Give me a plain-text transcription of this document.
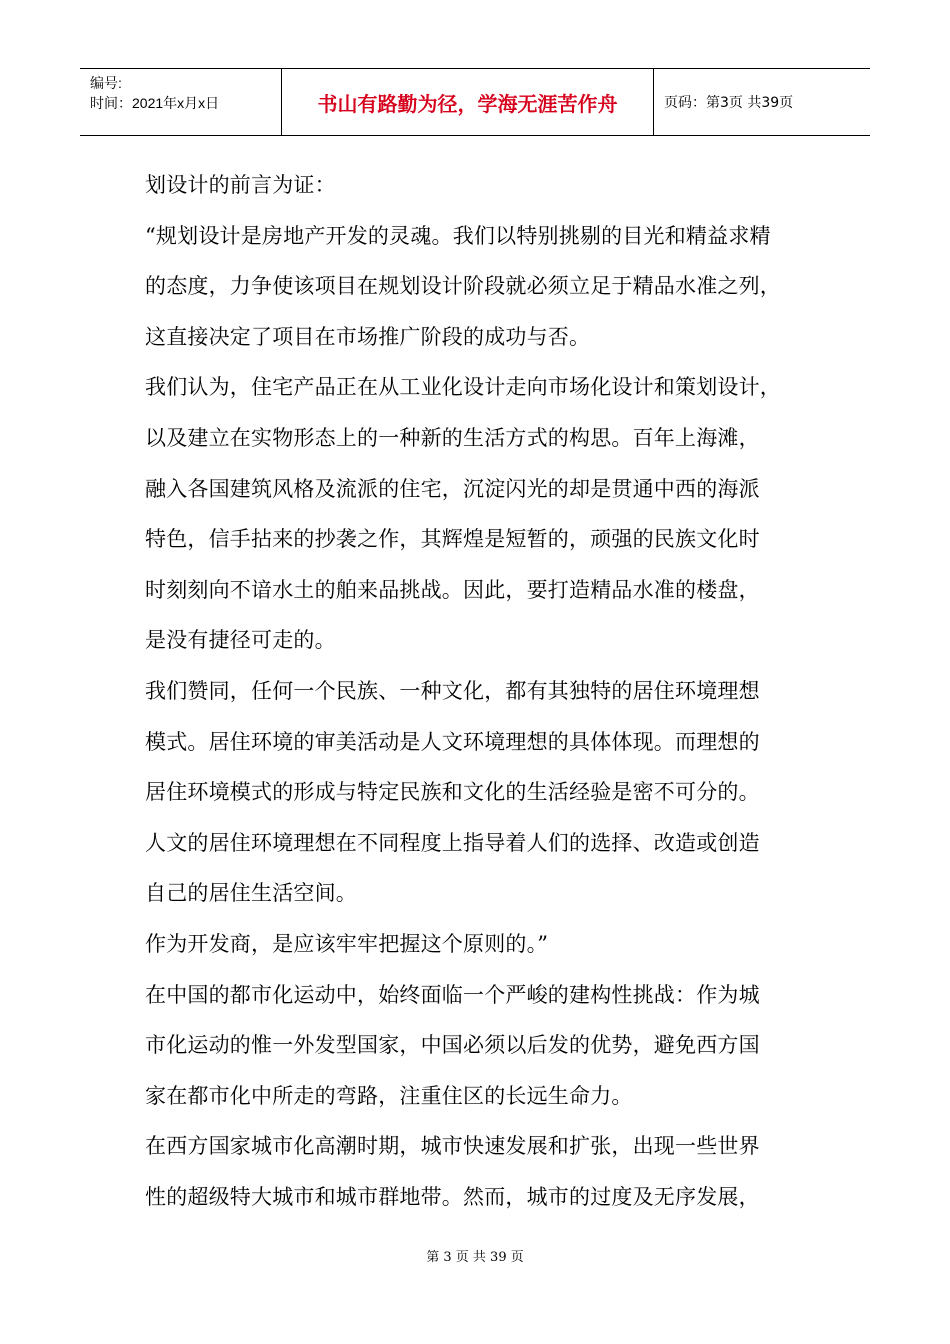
编号:
时间：2021年x月x日	书山有路勤为径，学海无涯苦作舟	页码：第3页 共39页
划设计的前言为证：
“规划设计是房地产开发的灵魂。我们以特别挑剔的目光和精益求精
的态度，力争使该项目在规划设计阶段就必须立足于精品水准之列，
这直接决定了项目在市场推广阶段的成功与否。
我们认为，住宅产品正在从工业化设计走向市场化设计和策划设计，
以及建立在实物形态上的一种新的生活方式的构思。百年上海滩，
融入各国建筑风格及流派的住宅，沉淀闪光的却是贯通中西的海派
特色，信手拈来的抄袭之作，其辉煌是短暂的，顽强的民族文化时
时刻刻向不谙水土的舶来品挑战。因此，要打造精品水准的楼盘，
是没有捷径可走的。
我们赞同，任何一个民族、一种文化，都有其独特的居住环境理想
模式。居住环境的审美活动是人文环境理想的具体体现。而理想的
居住环境模式的形成与特定民族和文化的生活经验是密不可分的。
人文的居住环境理想在不同程度上指导着人们的选择、改造或创造
自己的居住生活空间。
作为开发商，是应该牢牢把握这个原则的。”
在中国的都市化运动中，始终面临一个严峻的建构性挑战：作为城
市化运动的惟一外发型国家，中国必须以后发的优势，避免西方国
家在都市化中所走的弯路，注重住区的长远生命力。
在西方国家城市化高潮时期，城市快速发展和扩张，出现一些世界
性的超级特大城市和城市群地带。然而，城市的过度及无序发展，
第 3 页 共 39 页
